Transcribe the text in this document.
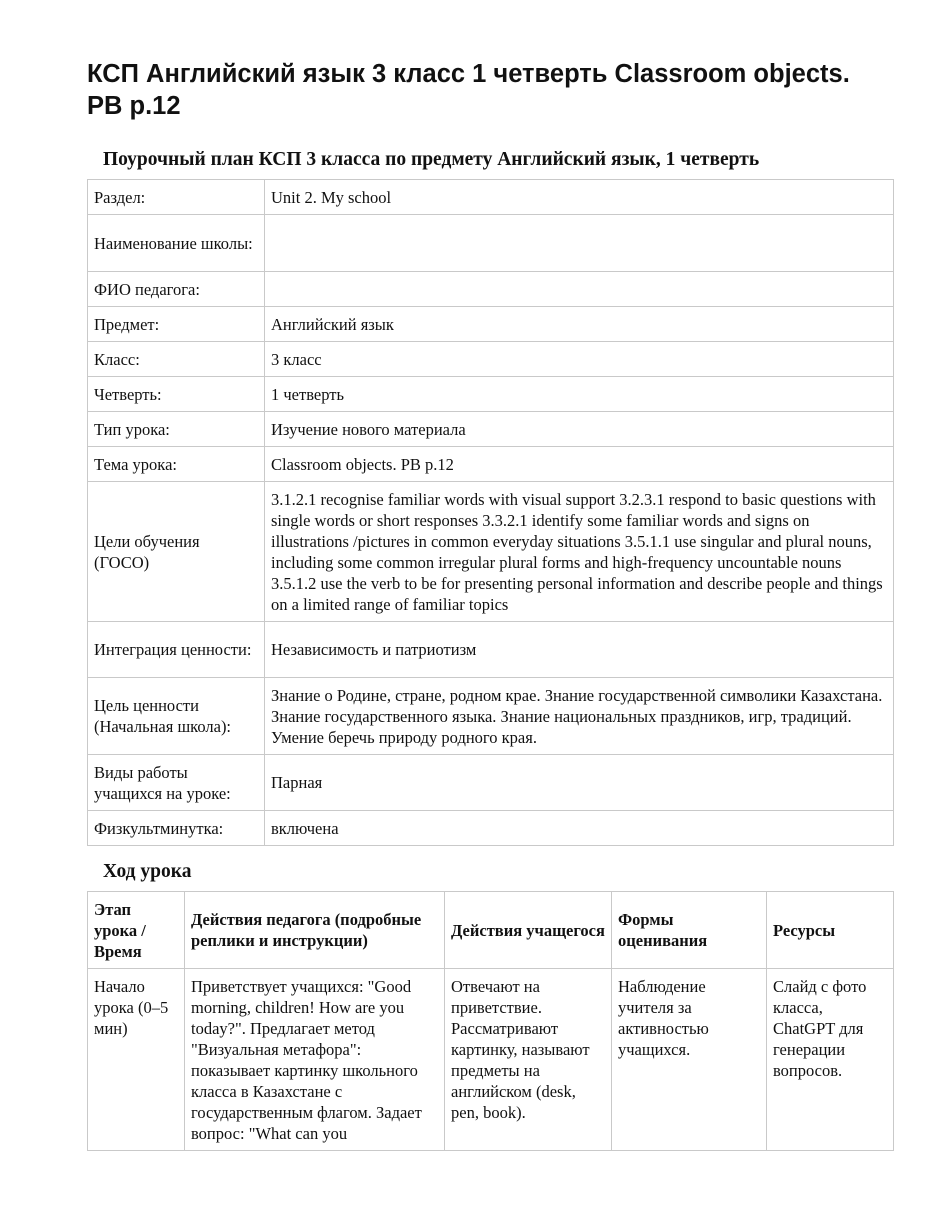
КСП Английский язык 3 класс 1 четверть Classroom objects. PB p.12
Поурочный план КСП 3 класса по предмету Английский язык, 1 четверть
Раздел:	Unit 2. My school
Наименование школы:	
ФИО педагога:	
Предмет:	Английский язык
Класс:	3 класс
Четверть:	1 четверть
Тип урока:	Изучение нового материала
Тема урока:	Classroom objects. PB p.12
Цели обучения (ГОСО)	3.1.2.1 recognise familiar words with visual support 3.2.3.1 respond to basic questions with single words or short responses 3.3.2.1 identify some familiar words and signs on illustrations /pictures in common everyday situations 3.5.1.1 use singular and plural nouns, including some common irregular plural forms and high-frequency uncountable nouns 3.5.1.2 use the verb to be for presenting personal information and describe people and things on a limited range of familiar topics
Интеграция ценности:	Независимость и патриотизм
Цель ценности (Начальная школа):	Знание о Родине, стране, родном крае. Знание государственной символики Казахстана. Знание государственного языка. Знание национальных праздников, игр, традиций. Умение беречь природу родного края.
Виды работы учащихся на уроке:	Парная
Физкультминутка:	включена
Ход урока
Этап урока / Время	Действия педагога (подробные реплики и инструкции)	Действия учащегося	Формы оценивания	Ресурсы
Начало урока (0–5 мин)	Приветствует учащихся: "Good morning, children! How are you today?". Предлагает метод "Визуальная метафора": показывает картинку школьного класса в Казахстане с государственным флагом. Задает вопрос: "What can you	Отвечают на приветствие. Рассматривают картинку, называют предметы на английском (desk, pen, book).	Наблюдение учителя за активностью учащихся.	Слайд с фото класса, ChatGPT для генерации вопросов.
